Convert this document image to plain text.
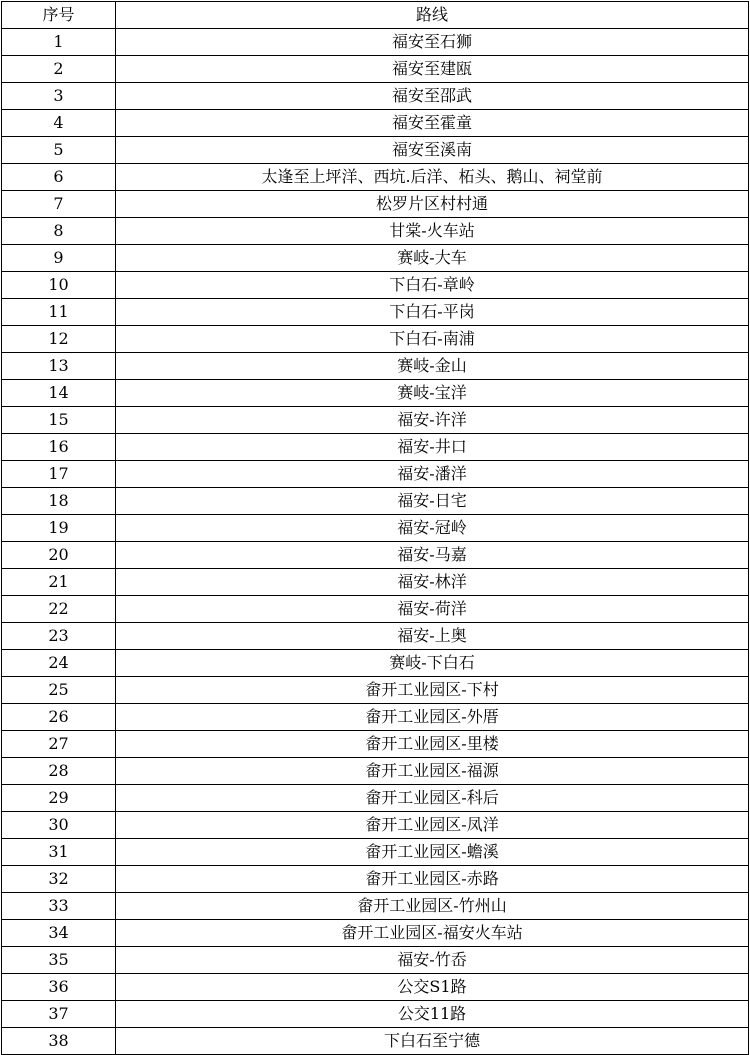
序号	路线
1	福安至石狮
2	福安至建瓯
3	福安至邵武
4	福安至霍童
5	福安至溪南
6	太逢至上坪洋、西坑.后洋、柘头、鹅山、祠堂前
7	松罗片区村村通
8	甘棠-火车站
9	赛岐-大车
10	下白石-章岭
11	下白石-平岗
12	下白石-南浦
13	赛岐-金山
14	赛岐-宝洋
15	福安-许洋
16	福安-井口
17	福安-潘洋
18	福安-日宅
19	福安-冠岭
20	福安-马嘉
21	福安-林洋
22	福安-荷洋
23	福安-上奥
24	赛岐-下白石
25	畲开工业园区-下村
26	畲开工业园区-外厝
27	畲开工业园区-里楼
28	畲开工业园区-福源
29	畲开工业园区-科后
30	畲开工业园区-凤洋
31	畲开工业园区-蟾溪
32	畲开工业园区-赤路
33	畲开工业园区-竹州山
34	畲开工业园区-福安火车站
35	福安-竹岙
36	公交S1路
37	公交11路
38	下白石至宁德
